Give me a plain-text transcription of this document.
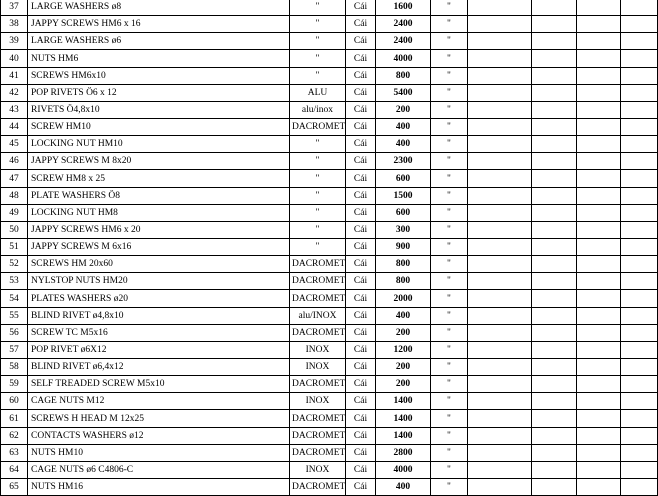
37	LARGE WASHERS ø8	"	Cái	1600	"				
38	JAPPY SCREWS HM6 x 16	"	Cái	2400	"				
39	LARGE WASHERS ø6	"	Cái	2400	"				
40	NUTS HM6	"	Cái	4000	"				
41	SCREWS HM6x10	"	Cái	800	"				
42	POP RIVETS Ö6 x 12	ALU	Cái	5400	"				
43	RIVETS Ö4,8x10	alu/inox	Cái	200	"				
44	SCREW HM10	DACROMET	Cái	400	"				
45	LOCKING NUT HM10	"	Cái	400	"				
46	JAPPY SCREWS M 8x20	"	Cái	2300	"				
47	SCREW HM8 x 25	"	Cái	600	"				
48	PLATE WASHERS Ö8	"	Cái	1500	"				
49	LOCKING NUT HM8	"	Cái	600	"				
50	JAPPY SCREWS HM6 x 20	"	Cái	300	"				
51	JAPPY SCREWS M 6x16	"	Cái	900	"				
52	SCREWS HM 20x60	DACROMET	Cái	800	"				
53	NYLSTOP NUTS HM20	DACROMET	Cái	800	"				
54	PLATES WASHERS ø20	DACROMET	Cái	2000	"				
55	BLIND RIVET ø4,8x10	alu/INOX	Cái	400	"				
56	SCREW TC M5x16	DACROMET	Cái	200	"				
57	POP RIVET ø6X12	INOX	Cái	1200	"				
58	BLIND RIVET ø6,4x12	INOX	Cái	200	"				
59	SELF TREADED SCREW M5x10	DACROMET	Cái	200	"				
60	CAGE NUTS M12	INOX	Cái	1400	"				
61	SCREWS H HEAD M 12x25	DACROMET	Cái	1400	"				
62	CONTACTS WASHERS ø12	DACROMET	Cái	1400	"				
63	NUTS HM10	DACROMET	Cái	2800	"				
64	CAGE NUTS ø6 C4806-C	INOX	Cái	4000	"				
65	NUTS HM16	DACROMET	Cái	400	"				
